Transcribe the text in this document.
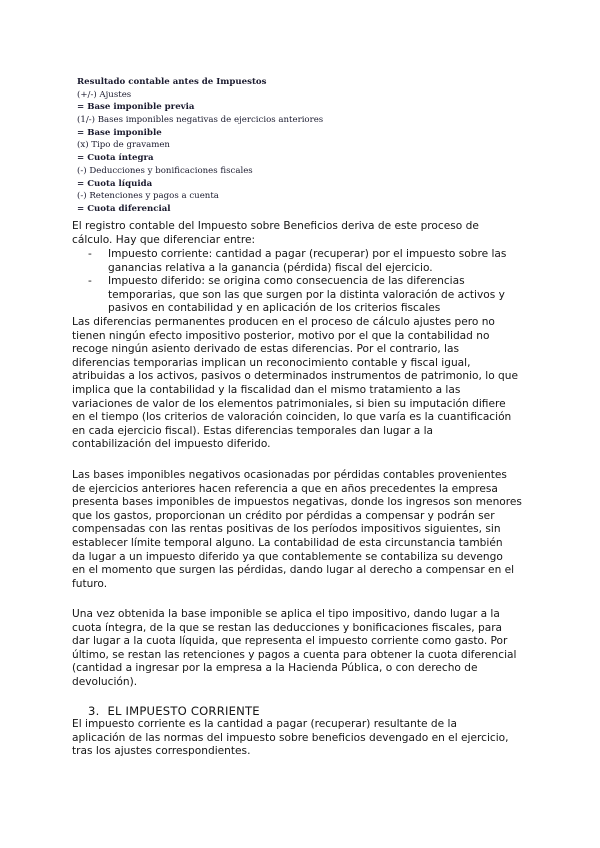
Resultado contable antes de Impuestos
(+/-) Ajustes
= Base imponible previa
(1/-) Bases imponibles negativas de ejercicios anteriores
= Base imponible
(x) Tipo de gravamen
= Cuota íntegra
(-) Deducciones y bonificaciones fiscales
= Cuota líquida
(-) Retenciones y pagos a cuenta
= Cuota diferencial
El registro contable del Impuesto sobre Beneficios deriva de este proceso de
cálculo. Hay que diferenciar entre:
- Impuesto corriente: cantidad a pagar (recuperar) por el impuesto sobre las
ganancias relativa a la ganancia (pérdida) fiscal del ejercicio.
- Impuesto diferido: se origina como consecuencia de las diferencias
temporarias, que son las que surgen por la distinta valoración de activos y
pasivos en contabilidad y en aplicación de los criterios fiscales
Las diferencias permanentes producen en el proceso de cálculo ajustes pero no
tienen ningún efecto impositivo posterior, motivo por el que la contabilidad no
recoge ningún asiento derivado de estas diferencias. Por el contrario, las
diferencias temporarias implican un reconocimiento contable y fiscal igual,
atribuidas a los activos, pasivos o determinados instrumentos de patrimonio, lo que
implica que la contabilidad y la fiscalidad dan el mismo tratamiento a las
variaciones de valor de los elementos patrimoniales, si bien su imputación difiere
en el tiempo (los criterios de valoración coinciden, lo que varía es la cuantificación
en cada ejercicio fiscal). Estas diferencias temporales dan lugar a la
contabilización del impuesto diferido.
Las bases imponibles negativos ocasionadas por pérdidas contables provenientes
de ejercicios anteriores hacen referencia a que en años precedentes la empresa
presenta bases imponibles de impuestos negativas, donde los ingresos son menores
que los gastos, proporcionan un crédito por pérdidas a compensar y podrán ser
compensadas con las rentas positivas de los períodos impositivos siguientes, sin
establecer límite temporal alguno. La contabilidad de esta circunstancia también
da lugar a un impuesto diferido ya que contablemente se contabiliza su devengo
en el momento que surgen las pérdidas, dando lugar al derecho a compensar en el
futuro.
Una vez obtenida la base imponible se aplica el tipo impositivo, dando lugar a la
cuota íntegra, de la que se restan las deducciones y bonificaciones fiscales, para
dar lugar a la cuota líquida, que representa el impuesto corriente como gasto. Por
último, se restan las retenciones y pagos a cuenta para obtener la cuota diferencial
(cantidad a ingresar por la empresa a la Hacienda Pública, o con derecho de
devolución).
3. EL IMPUESTO CORRIENTE
El impuesto corriente es la cantidad a pagar (recuperar) resultante de la
aplicación de las normas del impuesto sobre beneficios devengado en el ejercicio,
tras los ajustes correspondientes.
